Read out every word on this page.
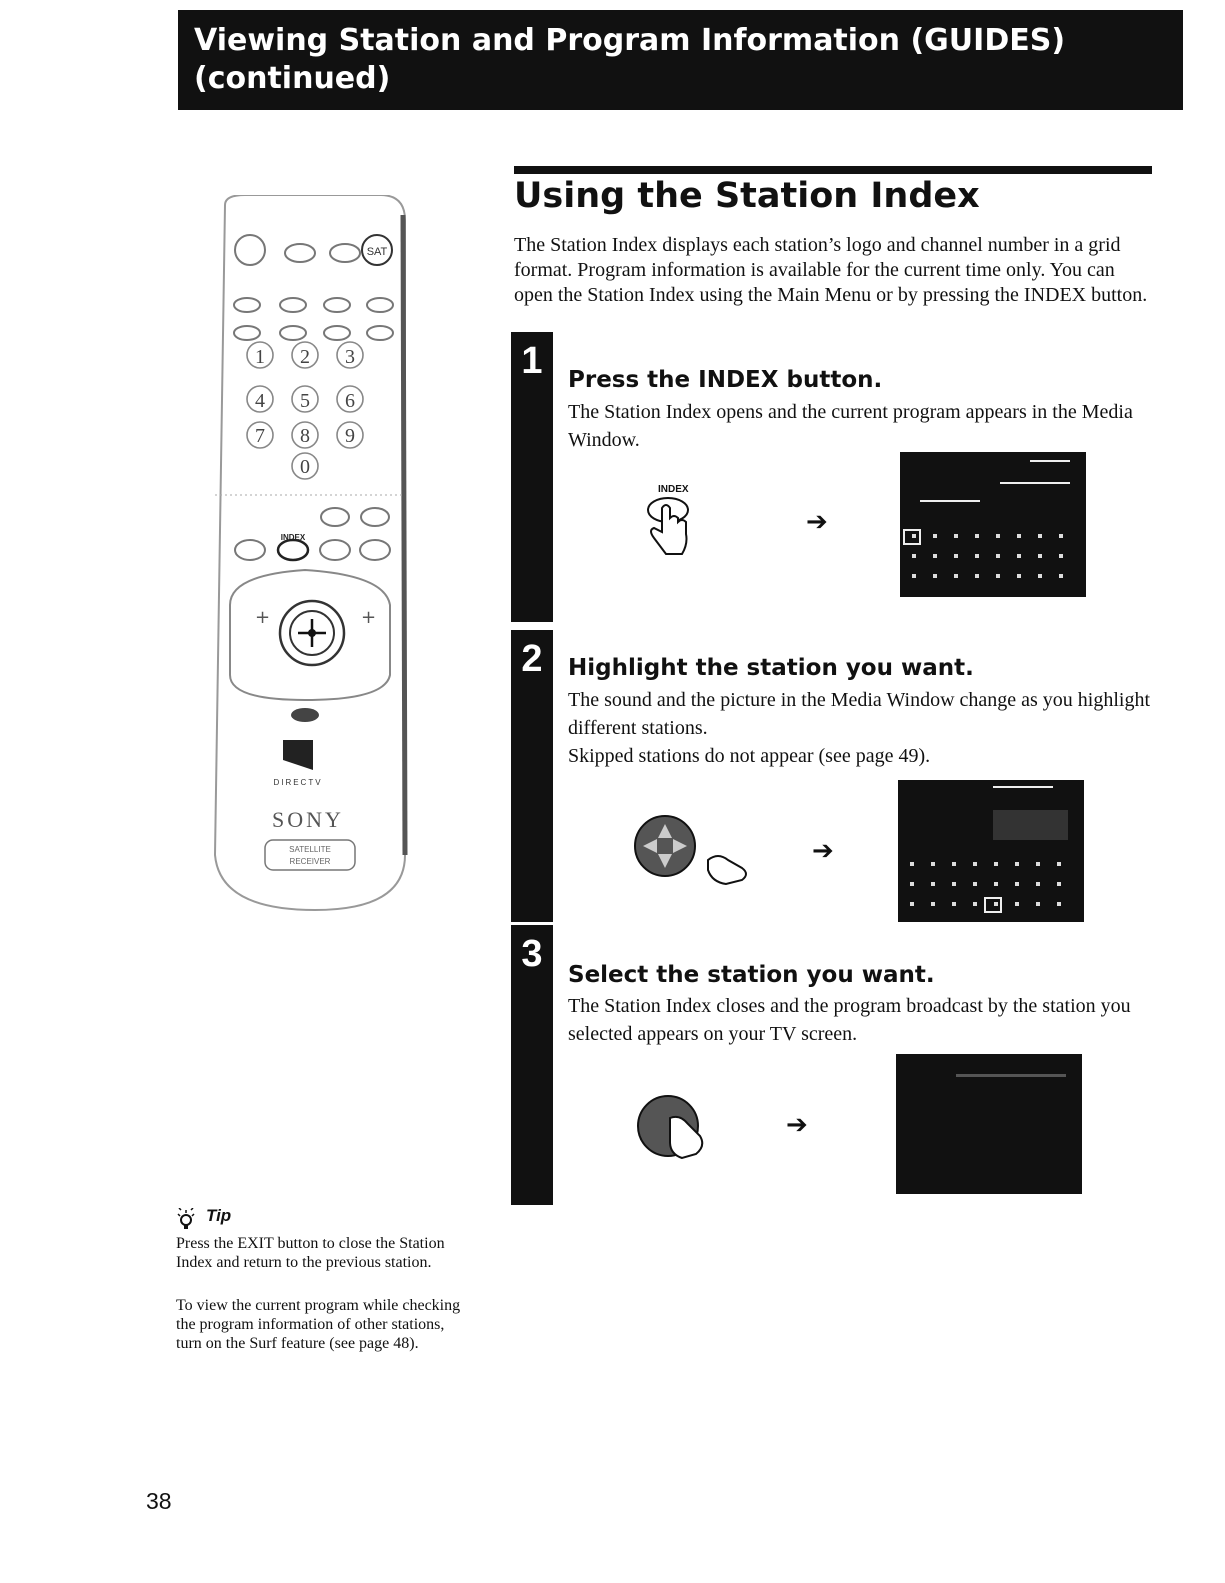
Viewing Station and Program Information (GUIDES)
(continued)
SAT
1 2 3
4 5 6
7 8 9
0
INDEX
+	+
DIRECTV
SONY
SATELLITE
RECEIVER
Using the Station Index

The Station Index displays each station’s logo and channel number in a grid format. Program information is available for the current time only. You can open the Station Index using the Main Menu or by pressing the INDEX button.

1	Press the INDEX button.

The Station Index opens and the current program appears in the Media Window.

INDEX
➔
2	Highlight the station you want.

The sound and the picture in the Media Window change as you highlight different stations.

Skipped stations do not appear (see page 49).

➔
3	Select the station you want.

The Station Index closes and the program broadcast by the station you selected appears on your TV screen.

➔
Tip

Press the EXIT button to close the Station Index and return to the previous station.

To view the current program while checking the program information of other stations, turn on the Surf feature (see page 48).

38
